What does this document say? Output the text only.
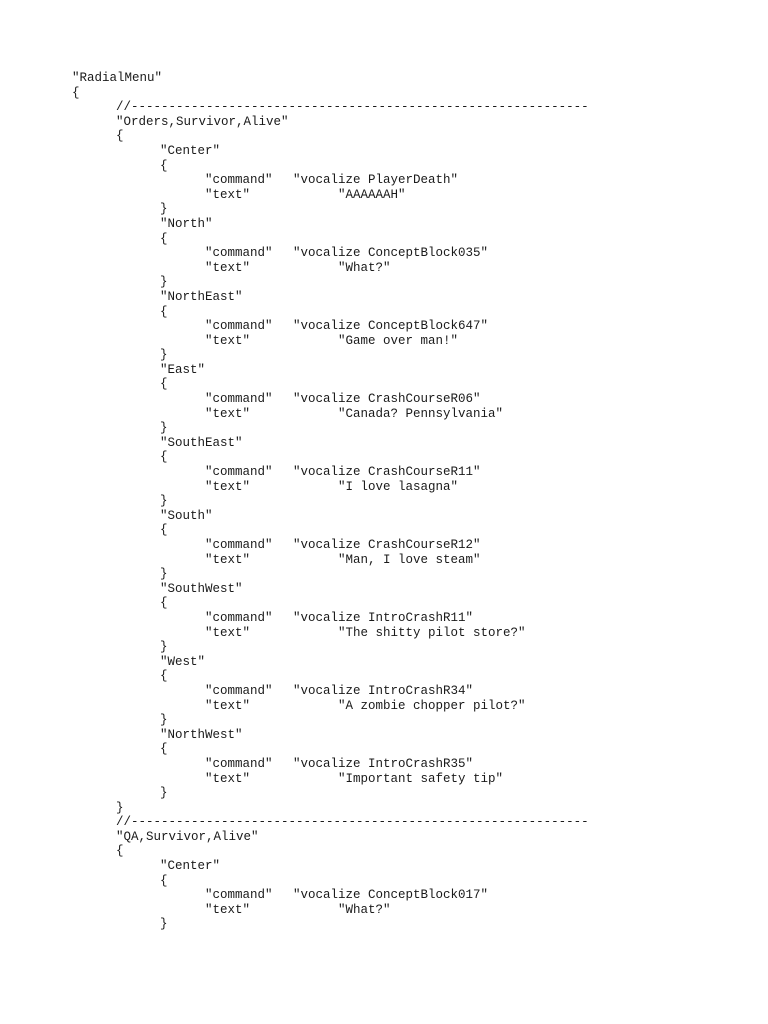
"RadialMenu"
{
//-------------------------------------------------------------
"Orders,Survivor,Alive"
{
"Center"
{
"command"	"vocalize PlayerDeath"
"text"	"AAAAAAH"
}
"North"
{
"command"	"vocalize ConceptBlock035"
"text"	"What?"
}
"NorthEast"
{
"command"	"vocalize ConceptBlock647"
"text"	"Game over man!"
}
"East"
{
"command"	"vocalize CrashCourseR06"
"text"	"Canada? Pennsylvania"
}
"SouthEast"
{
"command"	"vocalize CrashCourseR11"
"text"	"I love lasagna"
}
"South"
{
"command"	"vocalize CrashCourseR12"
"text"	"Man, I love steam"
}
"SouthWest"
{
"command"	"vocalize IntroCrashR11"
"text"	"The shitty pilot store?"
}
"West"
{
"command"	"vocalize IntroCrashR34"
"text"	"A zombie chopper pilot?"
}
"NorthWest"
{
"command"	"vocalize IntroCrashR35"
"text"	"Important safety tip"
}
}
//-------------------------------------------------------------
"QA,Survivor,Alive"
{
"Center"
{
"command"	"vocalize ConceptBlock017"
"text"	"What?"
}
